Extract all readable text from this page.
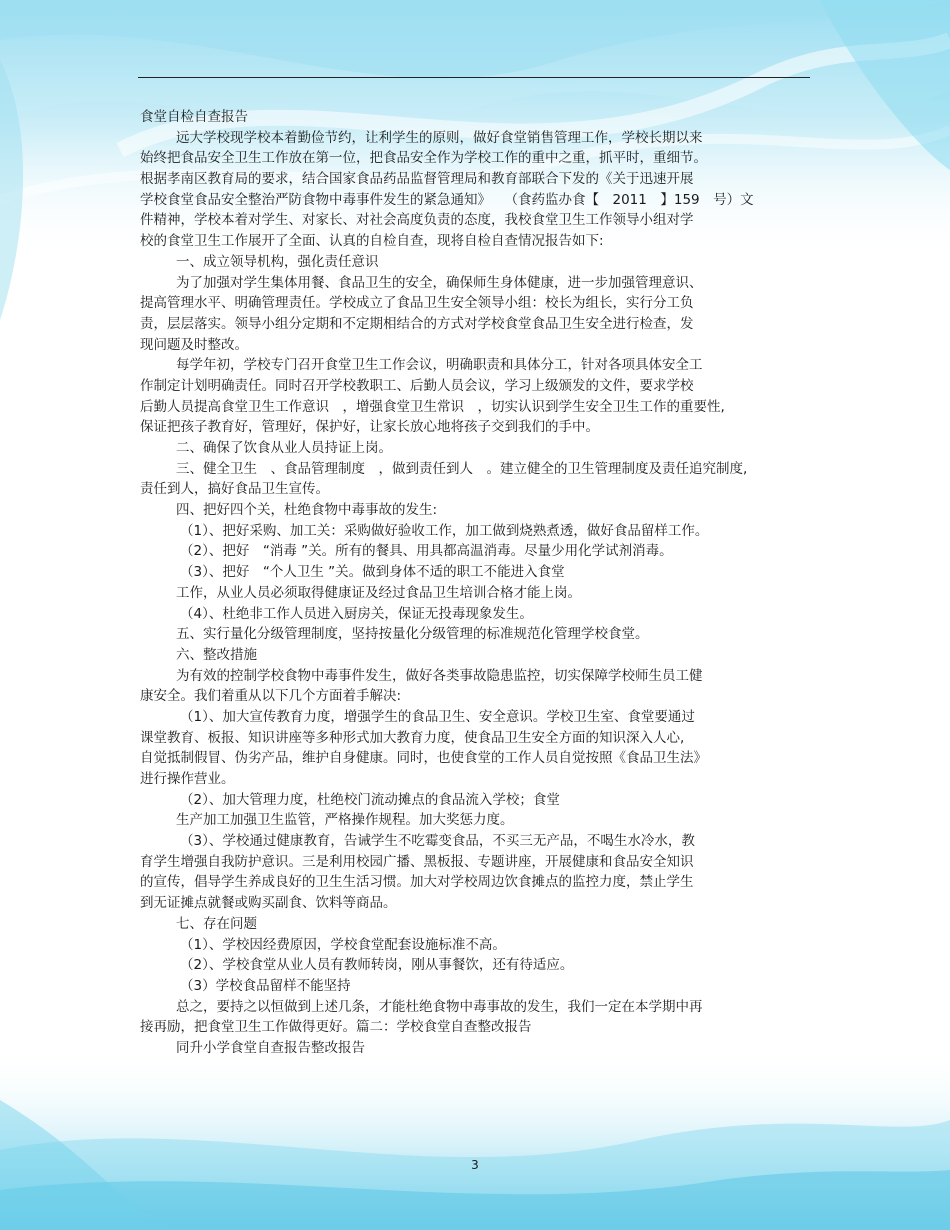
食堂自检自查报告
远大学校现学校本着勤俭节约，让利学生的原则，做好食堂销售管理工作，学校长期以来
始终把食品安全卫生工作放在第一位，把食品安全作为学校工作的重中之重，抓平时，重细节。
根据孝南区教育局的要求，结合国家食品药品监督管理局和教育部联合下发的《关于迅速开展
学校食堂食品安全整治严防食物中毒事件发生的紧急通知》　　（食药监办食【　2011　】159　号）文
件精神，学校本着对学生、对家长、对社会高度负责的态度，我校食堂卫生工作领导小组对学
校的食堂卫生工作展开了全面、认真的自检自查，现将自检自查情况报告如下:
一、成立领导机构，强化责任意识
为了加强对学生集体用餐、食品卫生的安全，确保师生身体健康，进一步加强管理意识、
提高管理水平、明确管理责任。学校成立了食品卫生安全领导小组：校长为组长，实行分工负
责，层层落实。领导小组分定期和不定期相结合的方式对学校食堂食品卫生安全进行检查，发
现问题及时整改。
每学年初，学校专门召开食堂卫生工作会议，明确职责和具体分工，针对各项具体安全工
作制定计划明确责任。同时召开学校教职工、后勤人员会议，学习上级颁发的文件，要求学校
后勤人员提高食堂卫生工作意识　，增强食堂卫生常识　，切实认识到学生安全卫生工作的重要性,
保证把孩子教育好，管理好，保护好，让家长放心地将孩子交到我们的手中。
二、确保了饮食从业人员持证上岗。
三、健全卫生　、食品管理制度　，做到责任到人　。建立健全的卫生管理制度及责任追究制度,
责任到人，搞好食品卫生宣传。
四、把好四个关，杜绝食物中毒事故的发生:
（1）、把好采购、加工关：采购做好验收工作，加工做到烧熟煮透，做好食品留样工作。
（2）、把好　“消毒 ”关。所有的餐具、用具都高温消毒。尽量少用化学试剂消毒。
（3）、把好　“个人卫生 ”关。做到身体不适的职工不能进入食堂
工作，从业人员必须取得健康证及经过食品卫生培训合格才能上岗。
（4）、杜绝非工作人员进入厨房关，保证无投毒现象发生。
五、实行量化分级管理制度，坚持按量化分级管理的标准规范化管理学校食堂。
六、整改措施
为有效的控制学校食物中毒事件发生，做好各类事故隐患监控，切实保障学校师生员工健
康安全。我们着重从以下几个方面着手解决:
（1）、加大宣传教育力度，增强学生的食品卫生、安全意识。学校卫生室、食堂要通过
课堂教育、板报、知识讲座等多种形式加大教育力度，使食品卫生安全方面的知识深入人心,
自觉抵制假冒、伪劣产品，维护自身健康。同时，也使食堂的工作人员自觉按照《食品卫生法》
进行操作营业。
（2）、加大管理力度，杜绝校门流动摊点的食品流入学校；食堂
生产加工加强卫生监管，严格操作规程。加大奖惩力度。
（3）、学校通过健康教育，告诫学生不吃霉变食品，不买三无产品，不喝生水冷水，教
育学生增强自我防护意识。三是利用校园广播、黑板报、专题讲座，开展健康和食品安全知识
的宣传，倡导学生养成良好的卫生生活习惯。加大对学校周边饮食摊点的监控力度，禁止学生
到无证摊点就餐或购买副食、饮料等商品。
七、存在问题
（1）、学校因经费原因，学校食堂配套设施标准不高。
（2）、学校食堂从业人员有教师转岗，刚从事餐饮，还有待适应。
（3）学校食品留样不能坚持
总之，要持之以恒做到上述几条，才能杜绝食物中毒事故的发生，我们一定在本学期中再
接再励，把食堂卫生工作做得更好。篇二：学校食堂自查整改报告
同升小学食堂自查报告整改报告
3
